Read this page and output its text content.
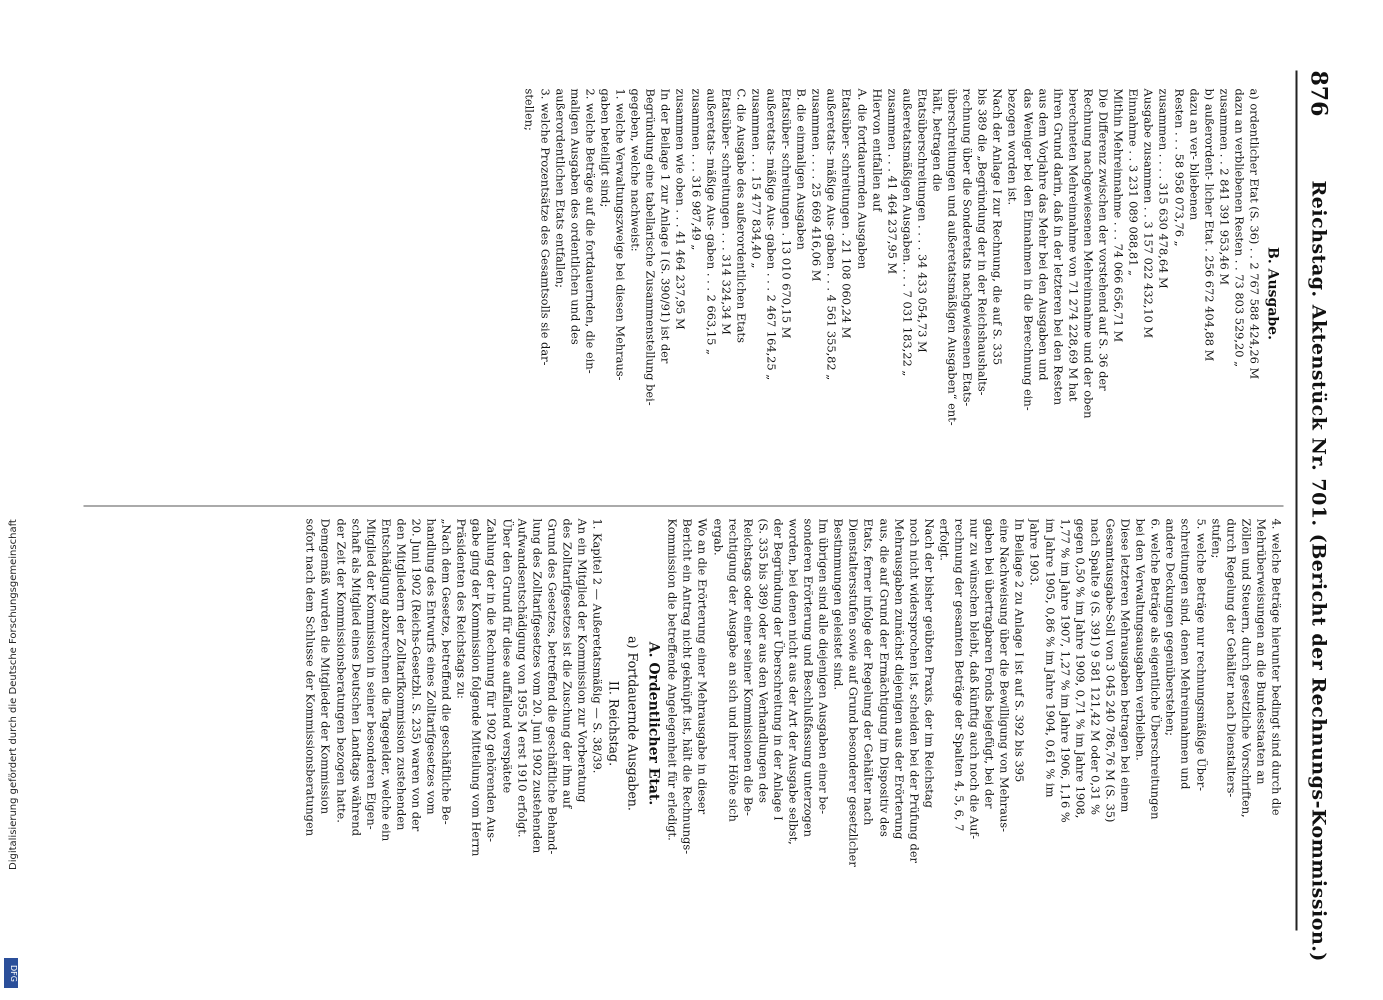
876
Reichstag. Aktenstück Nr. 701. (Bericht der Rechnungs-Kommission.)
B. Ausgabe.
a) ordentlicher Etat (S. 36) . . 2 767 588 424,26 M
dazu an verbliebenen Resten . . 73 803 529,20 „
zusammen . . 2 841 391 953,46 M
b) außerordent- licher Etat . 256 672 404,88 M
dazu an ver- bliebenen
Resten . . . 58 958 073,76 „
zusammen . . . . 315 630 478,64 M
Ausgabe zusammen . . 3 157 022 432,10 M
Einnahme . . 3 231 089 088,81 „
Mithin Mehreinnahme . . . 74 066 656,71 M
Die Differenz zwischen der vorstehend auf S. 36 der
Rechnung nachgewiesenen Mehreinnahme und der oben
berechneten Mehreinnahme von 71 274 228,69 M hat
ihren Grund darin, daß in der letzteren bei den Resten
aus dem Vorjahre das Mehr bei den Ausgaben und
das Weniger bei den Einnahmen in die Berechnung ein-
bezogen worden ist.
Nach der Anlage I zur Rechnung, die auf S. 335
bis 389 die „Begründung der in der Reichshaushalts-
rechnung über die Sonderetats nachgewiesenen Etats-
überschreitungen und außeretatsmäßigen Ausgaben“ ent-
hält, betragen die
Etatsüberschreitungen . . . . 34 433 054,73 M
außeretatsmäßigen Ausgaben. . . . 7 031 183,22 „
zusammen . . . 41 464 237,95 M
Hiervon entfallen auf
A. die fortdauernden Ausgaben
Etatsüber- schreitungen . 21 108 060,24 M
außeretats- mäßige Aus- gaben . . . 4 561 355,82 „
zusammen . . . . 25 669 416,06 M
B. die einmaligen Ausgaben
Etatsüber- schreitungen . 13 010 670,15 M
außeretats- mäßige Aus- gaben . . . 2 467 164,25 „
zusammen . . . 15 477 834,40 „
C. die Ausgabe des außerordentlichen Etats
Etatsüber- schreitungen . . . 314 324,34 M
außeretats- mäßige Aus- gaben . . . 2 663,15 „
zusammen . . . 316 987,49 „
zusammen wie oben . . . 41 464 237,95 M
In der Beilage 1 zur Anlage I (S. 390/91) ist der
Begründung eine tabellarische Zusammenstellung bei-
gegeben, welche nachweist:
1. welche Verwaltungszweige bei diesen Mehraus-
gaben beteiligt sind;
2. welche Beträge auf die fortdauernden, die ein-
maligen Ausgaben des ordentlichen und des
außerordentlichen Etats entfallen;
3. welche Prozentsätze des Gesamtsolls sie dar-
stellen;
4. welche Beträge hierunter bedingt sind durch die
Mehrüberweisungen an die Bundesstaaten an
Zöllen und Steuern, durch gesetzliche Vorschriften,
durch Regelung der Gehälter nach Dienstalters-
stufen;
5. welche Beträge nur rechnungsmäßige Über-
schreitungen sind, denen Mehreinnahmen und
andere Deckungen gegenüberstehen;
6. welche Beträge als eigentliche Überschreitungen
bei den Verwaltungsausgaben verbleiben.
Diese letzteren Mehrausgaben betragen bei einem
Gesamtausgabe-Soll von 3 045 240 786,76 M (S. 35)
nach Spalte 9 (S. 391) 9 581 121,42 M oder 0,31 %
gegen 0,50 % im Jahre 1909, 0,71 % im Jahre 1908,
1,77 % im Jahre 1907, 1,27 % im Jahre 1906, 1,16 %
im Jahre 1905, 0,86 % im Jahre 1904, 0,61 % im
Jahre 1903.
In Beilage 2 zu Anlage I ist auf S. 392 bis 395
eine Nachweisung über die Bewilligung von Mehraus-
gaben bei übertragbaren Fonds beigefügt, bei der
nur zu wünschen bleibt, daß künftig auch noch die Auf-
rechnung der gesamten Beträge der Spalten 4, 5, 6, 7
erfolgt.
Nach der bisher geübten Praxis, der im Reichstag
noch nicht widersprochen ist, scheiden bei der Prüfung der
Mehrausgaben zunächst diejenigen aus der Erörterung
aus, die auf Grund der Ermächtigung im Dispositiv des
Etats, ferner infolge der Regelung der Gehälter nach
Dienstaltersstufen sowie auf Grund besonderer gesetzlicher
Bestimmungen geleistet sind.
Im übrigen sind alle diejenigen Ausgaben einer be-
sonderen Erörterung und Beschlußfassung unterzogen
worden, bei denen nicht aus der Art der Ausgabe selbst,
der Begründung der Überschreitung in der Anlage I
(S. 335 bis 389) oder aus den Verhandlungen des
Reichstags oder einer seiner Kommissionen die Be-
rechtigung der Ausgabe an sich und ihrer Höhe sich
ergab.
Wo an die Erörterung einer Mehrausgabe in dieser
Bericht ein Antrag nicht geknüpft ist, hält die Rechnungs-
Kommission die betreffende Angelegenheit für erledigt.
A. Ordentlicher Etat.
a) Fortdauernde Ausgaben.
II. Reichstag.
1. Kapitel 2 — Außeretatsmäßig — S. 38/39.
An ein Mitglied der Kommission zur Vorberatung
des Zolltarifgesetzes ist die Zuschung der ihm auf
Grund des Gesetzes, betreffend die geschäftliche Behand-
lung des Zolltarifgesetzes vom 20. Juni 1902 zustehenden
Aufwandsentschädigung von 1955 M erst 1910 erfolgt.
Über den Grund für diese auffallend verspätete
Zahlung der in die Rechnung für 1902 gehörenden Aus-
gabe ging der Kommission folgende Mitteilung vom Herrn
Präsidenten des Reichstags zu:
„Nach dem Gesetze, betreffend die geschäftliche Be-
handlung des Entwurfs eines Zolltarifgesetzes vom
20. Juni 1902 (Reichs-Gesetzbl. S. 235) waren von der
den Mitgliedern der Zolltarifkommission zustehenden
Entschädigung abzurechnen die Tagegelder, welche ein
Mitglied der Kommission in seiner besonderen Eigen-
schaft als Mitglied eines Deutschen Landtags während
der Zeit der Kommissionsberatungen bezogen hatte.
Demgemäß wurden die Mitglieder der Kommission
sofort nach dem Schlusse der Kommissionsberatungen
Digitalisierung gefördert durch die Deutsche Forschungsgemeinschaft
DFG
